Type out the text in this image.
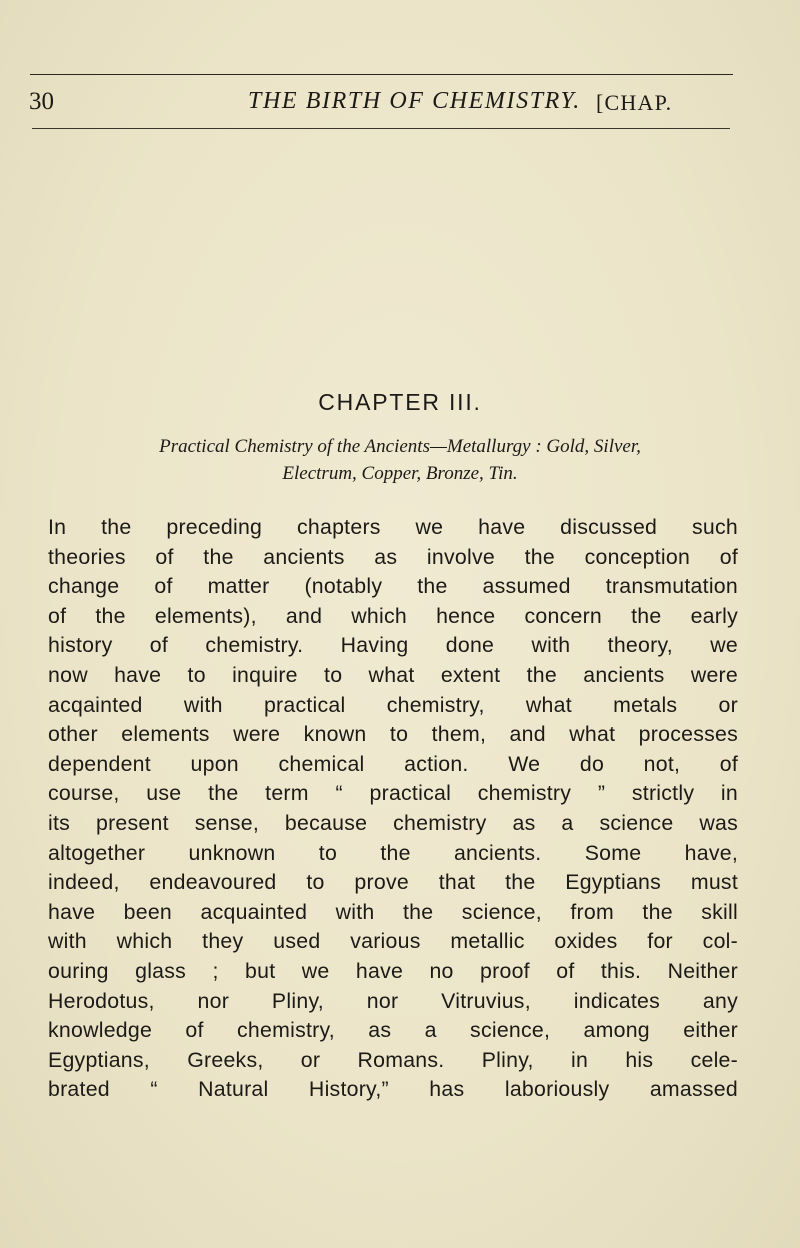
30	THE BIRTH OF CHEMISTRY. [CHAP.
CHAPTER III.
Practical Chemistry of the Ancients—Metallurgy : Gold, Silver,
Electrum, Copper, Bronze, Tin.
In the preceding chapters we have discussed such
theories of the ancients as involve the conception of
change of matter (notably the assumed transmutation
of the elements), and which hence concern the early
history of chemistry. Having done with theory, we
now have to inquire to what extent the ancients were
acqainted with practical chemistry, what metals or
other elements were known to them, and what processes
dependent upon chemical action. We do not, of
course, use the term “ practical chemistry ” strictly in
its present sense, because chemistry as a science was
altogether unknown to the ancients. Some have,
indeed, endeavoured to prove that the Egyptians must
have been acquainted with the science, from the skill
with which they used various metallic oxides for col-
ouring glass ; but we have no proof of this. Neither
Herodotus, nor Pliny, nor Vitruvius, indicates any
knowledge of chemistry, as a science, among either
Egyptians, Greeks, or Romans. Pliny, in his cele-
brated “ Natural History,” has laboriously amassed
